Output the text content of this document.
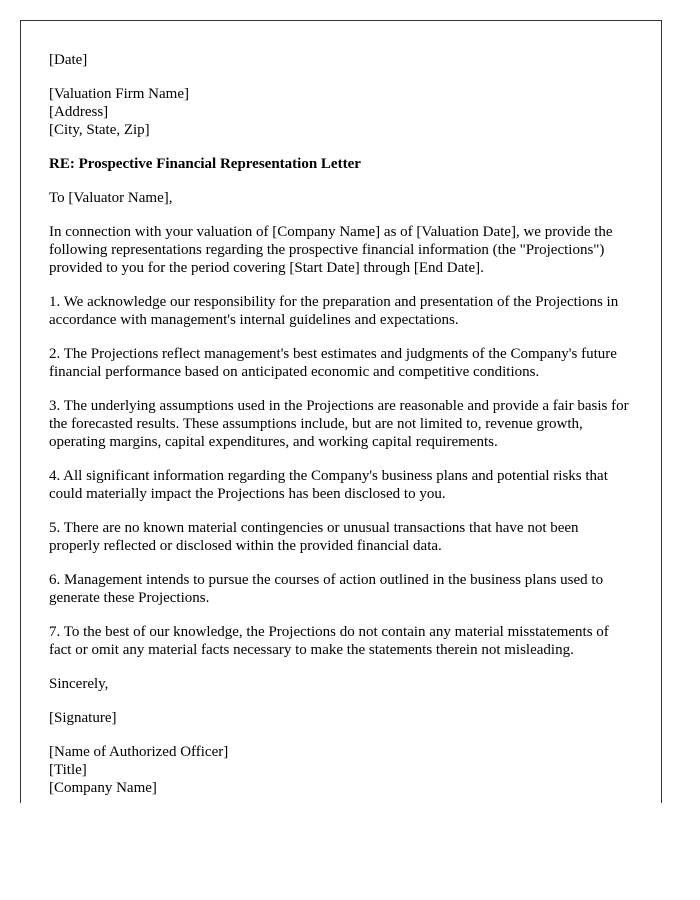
[Date]

[Valuation Firm Name]
[Address]
[City, State, Zip]

RE: Prospective Financial Representation Letter

To [Valuator Name],

In connection with your valuation of [Company Name] as of [Valuation Date], we provide the following representations regarding the prospective financial information (the "Projections") provided to you for the period covering [Start Date] through [End Date].

1. We acknowledge our responsibility for the preparation and presentation of the Projections in accordance with management's internal guidelines and expectations.

2. The Projections reflect management's best estimates and judgments of the Company's future financial performance based on anticipated economic and competitive conditions.

3. The underlying assumptions used in the Projections are reasonable and provide a fair basis for the forecasted results. These assumptions include, but are not limited to, revenue growth, operating margins, capital expenditures, and working capital requirements.

4. All significant information regarding the Company's business plans and potential risks that could materially impact the Projections has been disclosed to you.

5. There are no known material contingencies or unusual transactions that have not been properly reflected or disclosed within the provided financial data.

6. Management intends to pursue the courses of action outlined in the business plans used to generate these Projections.

7. To the best of our knowledge, the Projections do not contain any material misstatements of fact or omit any material facts necessary to make the statements therein not misleading.

Sincerely,

[Signature]

[Name of Authorized Officer]
[Title]
[Company Name]
